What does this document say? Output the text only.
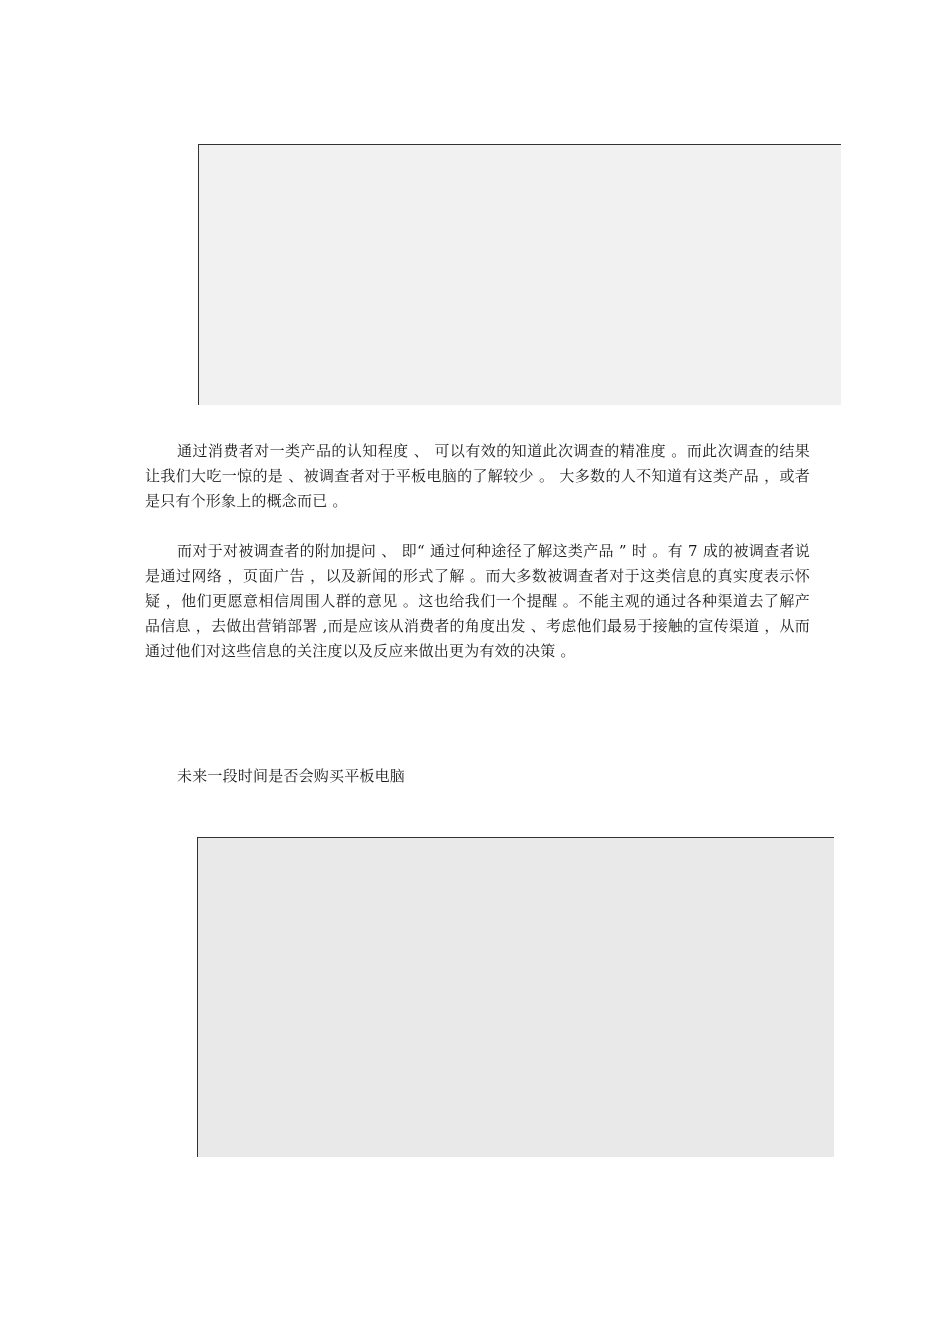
通过消费者对一类产品的认知程度 、 可以有效的知道此次调查的精准度 。而此次调查的结果让我们大吃一惊的是 、被调查者对于平板电脑的了解较少 。 大多数的人不知道有这类产品 ，或者是只有个形象上的概念而已 。

而对于对被调查者的附加提问 、 即“ 通过何种途径了解这类产品 ” 时 。有 7 成的被调查者说是通过网络 ，页面广告 ，以及新闻的形式了解 。而大多数被调查者对于这类信息的真实度表示怀疑 ，他们更愿意相信周围人群的意见 。这也给我们一个提醒 。不能主观的通过各种渠道去了解产品信息 ，去做出营销部署 ,而是应该从消费者的角度出发 、考虑他们最易于接触的宣传渠道 ，从而通过他们对这些信息的关注度以及反应来做出更为有效的决策 。

未来一段时间是否会购买平板电脑
